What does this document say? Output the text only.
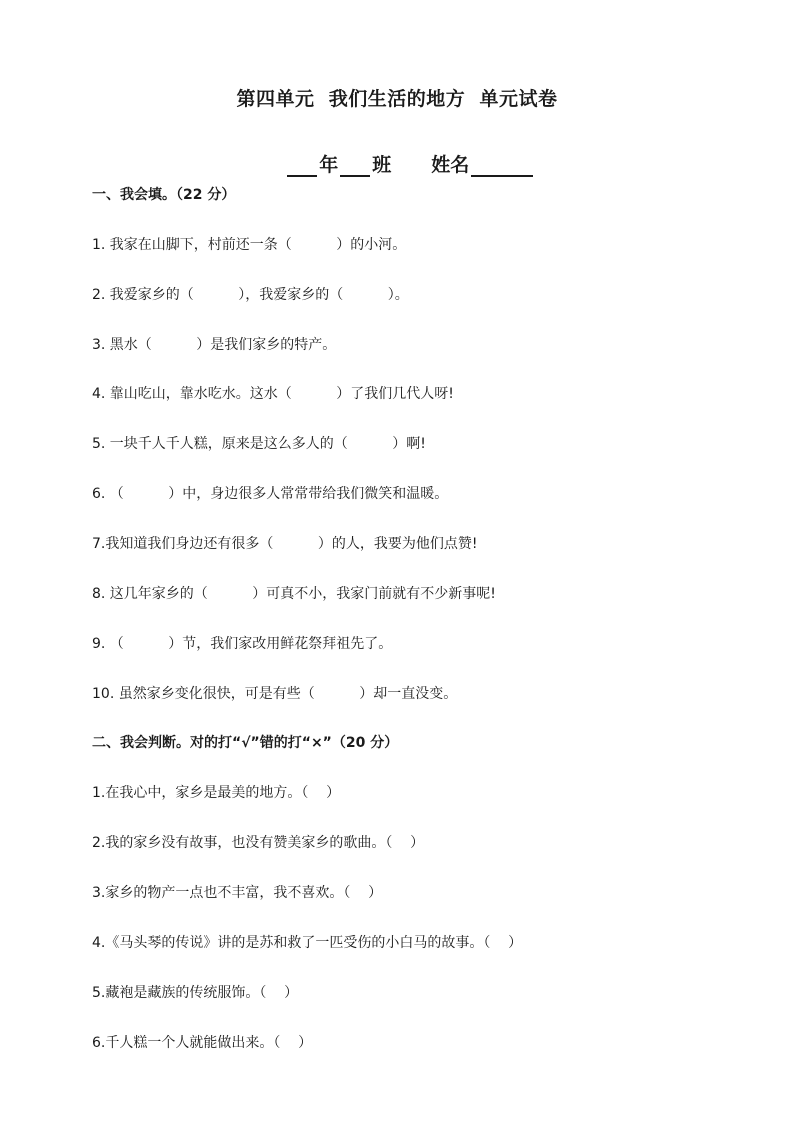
第四单元  我们生活的地方  单元试卷

年 班 姓名

一、我会填。（22 分）
1. 我家在山脚下，村前还一条（          ）的小河。
2. 我爱家乡的（          ），我爱家乡的（          ）。
3. 黑水（          ）是我们家乡的特产。
4. 靠山吃山，靠水吃水。这水（          ）了我们几代人呀!
5. 一块千人千人糕，原来是这么多人的（          ）啊!
6. （          ）中，身边很多人常常带给我们微笑和温暖。
7.我知道我们身边还有很多（          ）的人，我要为他们点赞!
8. 这几年家乡的（          ）可真不小，我家门前就有不少新事呢!
9. （          ）节，我们家改用鲜花祭拜祖先了。
10. 虽然家乡变化很快，可是有些（          ）却一直没变。
二、我会判断。对的打“√”错的打“×”（20 分）
1.在我心中，家乡是最美的地方。（    ）
2.我的家乡没有故事，也没有赞美家乡的歌曲。（    ）
3.家乡的物产一点也不丰富，我不喜欢。（    ）
4.《马头琴的传说》讲的是苏和救了一匹受伤的小白马的故事。（    ）
5.藏袍是藏族的传统服饰。（    ）
6.千人糕一个人就能做出来。（    ）
